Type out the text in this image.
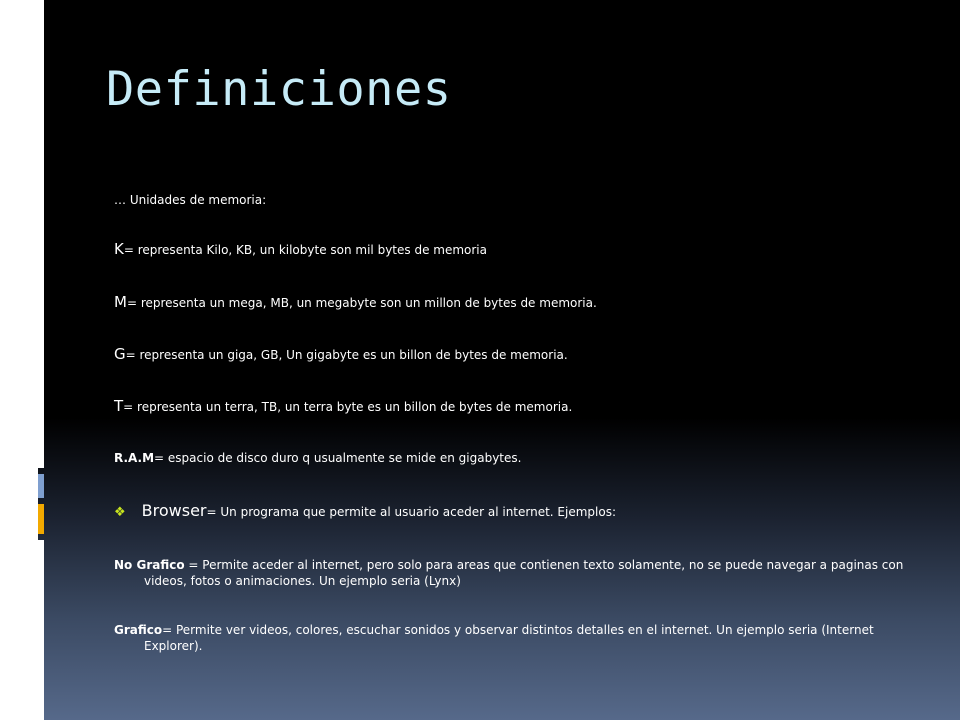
Definiciones

… Unidades de memoria:

K= representa Kilo, KB, un kilobyte son mil bytes de memoria

M= representa un mega, MB, un megabyte son un millon de bytes de memoria.

G= representa un giga, GB, Un gigabyte es un billon de bytes de memoria.

T= representa un terra, TB, un terra byte es un billon de bytes de memoria.

R.A.M= espacio de disco duro q usualmente se mide en gigabytes.

❖ Browser= Un programa que permite al usuario aceder al internet. Ejemplos:

No Grafico = Permite aceder al internet, pero solo para areas que contienen texto solamente, no se puede navegar a paginas con videos, fotos o animaciones. Un ejemplo seria (Lynx)

Grafico= Permite ver videos, colores, escuchar sonidos y observar distintos detalles en el internet. Un ejemplo seria (Internet Explorer).
